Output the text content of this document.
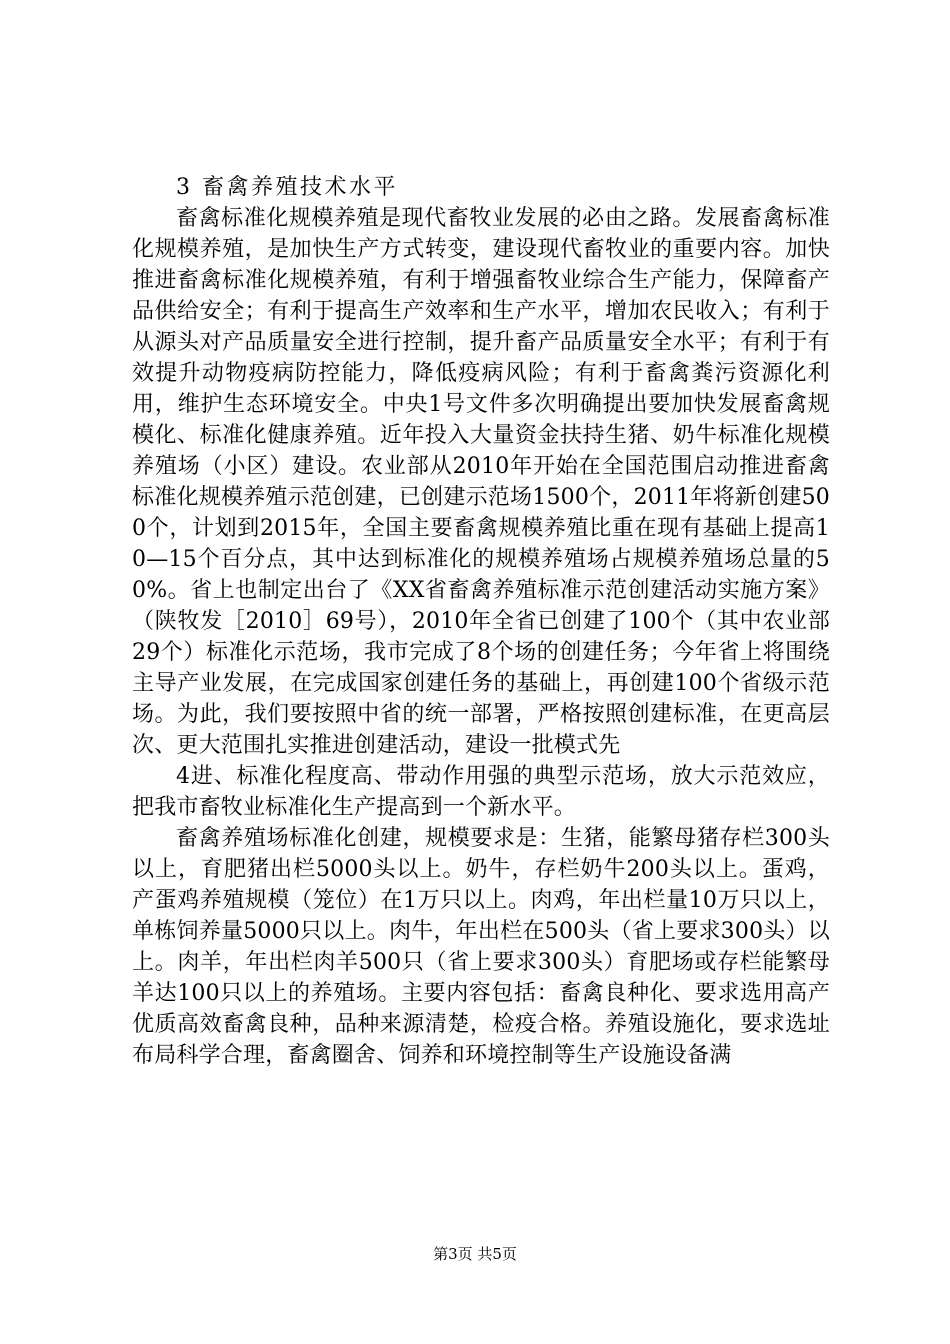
3 畜禽养殖技术水平

畜禽标准化规模养殖是现代畜牧业发展的必由之路。发展畜禽标准化规模养殖，是加快生产方式转变，建设现代畜牧业的重要内容。加快推进畜禽标准化规模养殖，有利于增强畜牧业综合生产能力，保障畜产品供给安全；有利于提高生产效率和生产水平，增加农民收入；有利于从源头对产品质量安全进行控制，提升畜产品质量安全水平；有利于有效提升动物疫病防控能力，降低疫病风险；有利于畜禽粪污资源化利用，维护生态环境安全。中央1号文件多次明确提出要加快发展畜禽规模化、标准化健康养殖。近年投入大量资金扶持生猪、奶牛标准化规模养殖场（小区）建设。农业部从2010年开始在全国范围启动推进畜禽标准化规模养殖示范创建，已创建示范场1500个，2011年将新创建500个，计划到2015年，全国主要畜禽规模养殖比重在现有基础上提高10—15个百分点，其中达到标准化的规模养殖场占规模养殖场总量的50%。省上也制定出台了《XX省畜禽养殖标准示范创建活动实施方案》（陕牧发［2010］69号），2010年全省已创建了100个（其中农业部29个）标准化示范场，我市完成了8个场的创建任务；今年省上将围绕主导产业发展，在完成国家创建任务的基础上，再创建100个省级示范场。为此，我们要按照中省的统一部署，严格按照创建标准，在更高层次、更大范围扎实推进创建活动，建设一批模式先

4进、标准化程度高、带动作用强的典型示范场，放大示范效应，把我市畜牧业标准化生产提高到一个新水平。

畜禽养殖场标准化创建，规模要求是：生猪，能繁母猪存栏300头以上，育肥猪出栏5000头以上。奶牛，存栏奶牛200头以上。蛋鸡，产蛋鸡养殖规模（笼位）在1万只以上。肉鸡，年出栏量10万只以上，单栋饲养量5000只以上。肉牛，年出栏在500头（省上要求300头）以上。肉羊，年出栏肉羊500只（省上要求300头）育肥场或存栏能繁母羊达100只以上的养殖场。主要内容包括：畜禽良种化、要求选用高产优质高效畜禽良种，品种来源清楚，检疫合格。养殖设施化，要求选址布局科学合理，畜禽圈舍、饲养和环境控制等生产设施设备满

第3页 共5页
